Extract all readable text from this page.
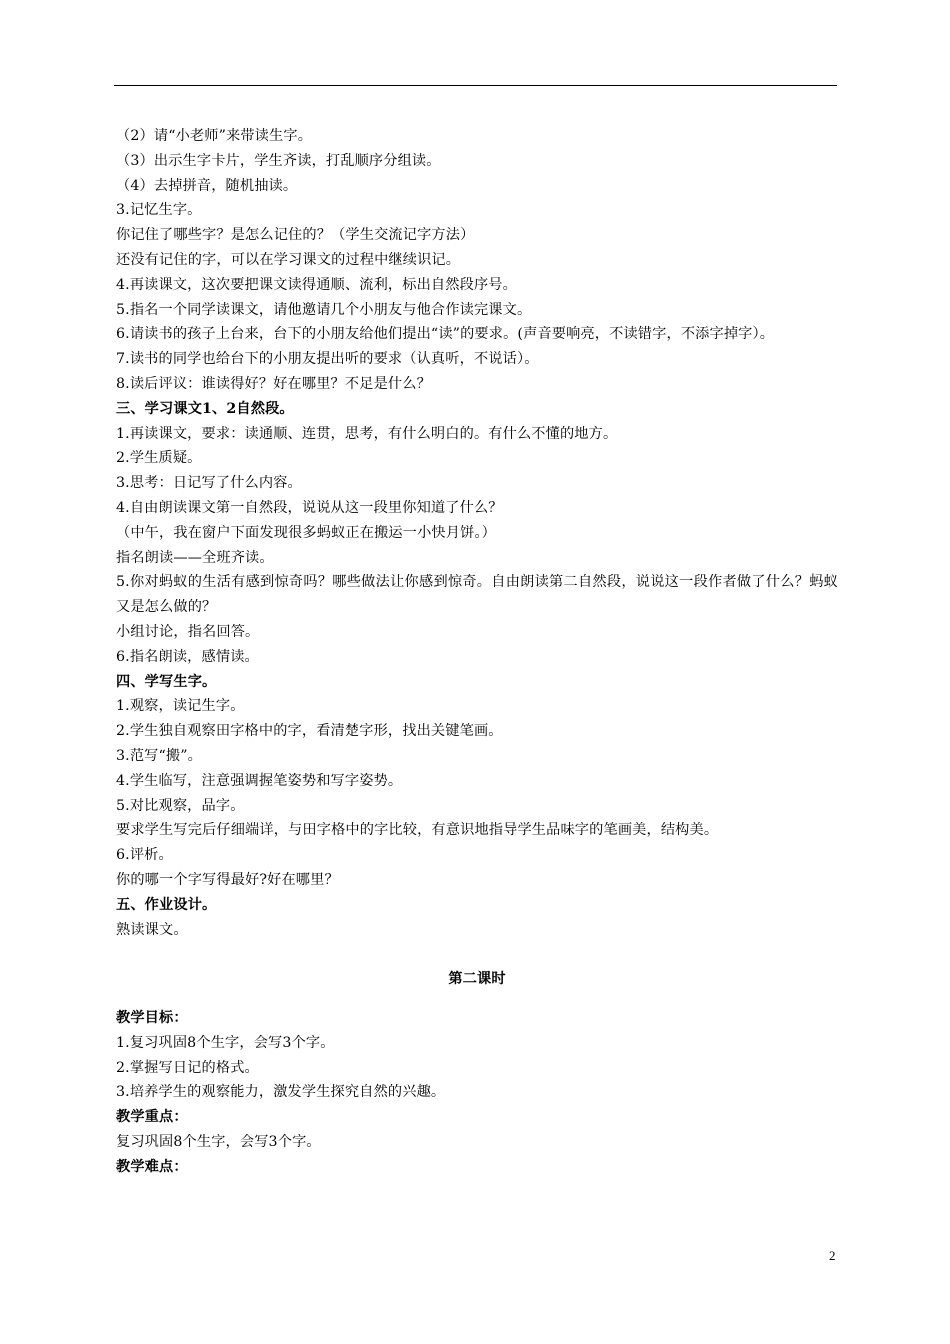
（2）请“小老师”来带读生字。
（3）出示生字卡片，学生齐读，打乱顺序分组读。
（4）去掉拼音，随机抽读。
3.记忆生字。
你记住了哪些字？是怎么记住的？（学生交流记字方法）
还没有记住的字，可以在学习课文的过程中继续识记。
4.再读课文，这次要把课文读得通顺、流利，标出自然段序号。
5.指名一个同学读课文，请他邀请几个小朋友与他合作读完课文。
6.请读书的孩子上台来，台下的小朋友给他们提出“读”的要求。(声音要响亮，不读错字，不添字掉字）。
7.读书的同学也给台下的小朋友提出听的要求（认真听，不说话）。
8.读后评议：谁读得好？好在哪里？不足是什么？
三、学习课文1、2自然段。
1.再读课文，要求：读通顺、连贯，思考，有什么明白的。有什么不懂的地方。
2.学生质疑。
3.思考：日记写了什么内容。
4.自由朗读课文第一自然段，说说从这一段里你知道了什么？
（中午，我在窗户下面发现很多蚂蚁正在搬运一小快月饼。）
指名朗读——全班齐读。
5.你对蚂蚁的生活有感到惊奇吗？哪些做法让你感到惊奇。自由朗读第二自然段，说说这一段作者做了什么？蚂蚁又是怎么做的？
小组讨论，指名回答。
6.指名朗读，感情读。
四、学写生字。
1.观察，读记生字。
2.学生独自观察田字格中的字，看清楚字形，找出关键笔画。
3.范写“搬”。
4.学生临写，注意强调握笔姿势和写字姿势。
5.对比观察，品字。
要求学生写完后仔细端详，与田字格中的字比较，有意识地指导学生品味字的笔画美，结构美。
6.评析。
你的哪一个字写得最好?好在哪里？
五、作业设计。
熟读课文。
第二课时
教学目标：
1.复习巩固8个生字，会写3个字。
2.掌握写日记的格式。
3.培养学生的观察能力，激发学生探究自然的兴趣。
教学重点：
复习巩固8个生字，会写3个字。
教学难点：
2
